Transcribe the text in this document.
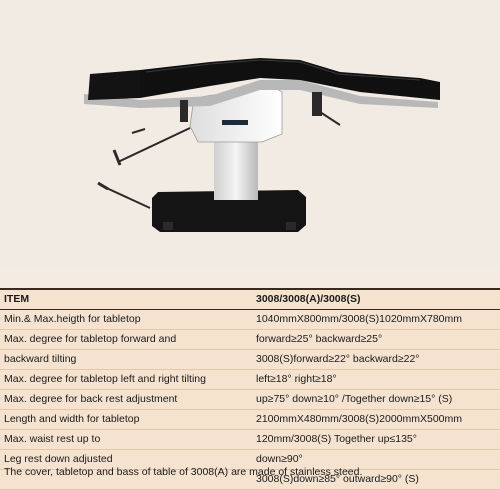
ITEM	3008/3008(A)/3008(S)
Min.& Max.heigth for tabletop	1040mmX800mm/3008(S)1020mmX780mm
Max. degree for tabletop forward and	forward≥25° backward≥25°
backward tilting	3008(S)forward≥22° backward≥22°
Max. degree for tabletop left and right tilting	left≥18° right≥18°
Max. degree for back rest adjustment	up≥75° down≥10° /Together down≥15° (S)
Length and width for tabletop	2100mmX480mm/3008(S)2000mmX500mm
Max. waist rest up to	120mm/3008(S) Together up≤135°
Leg rest down adjusted	down≥90°
3008(S)down≥85° outward≥90° (S)
The cover, tabletop and bass of table of 3008(A) are made of stainless steed.
